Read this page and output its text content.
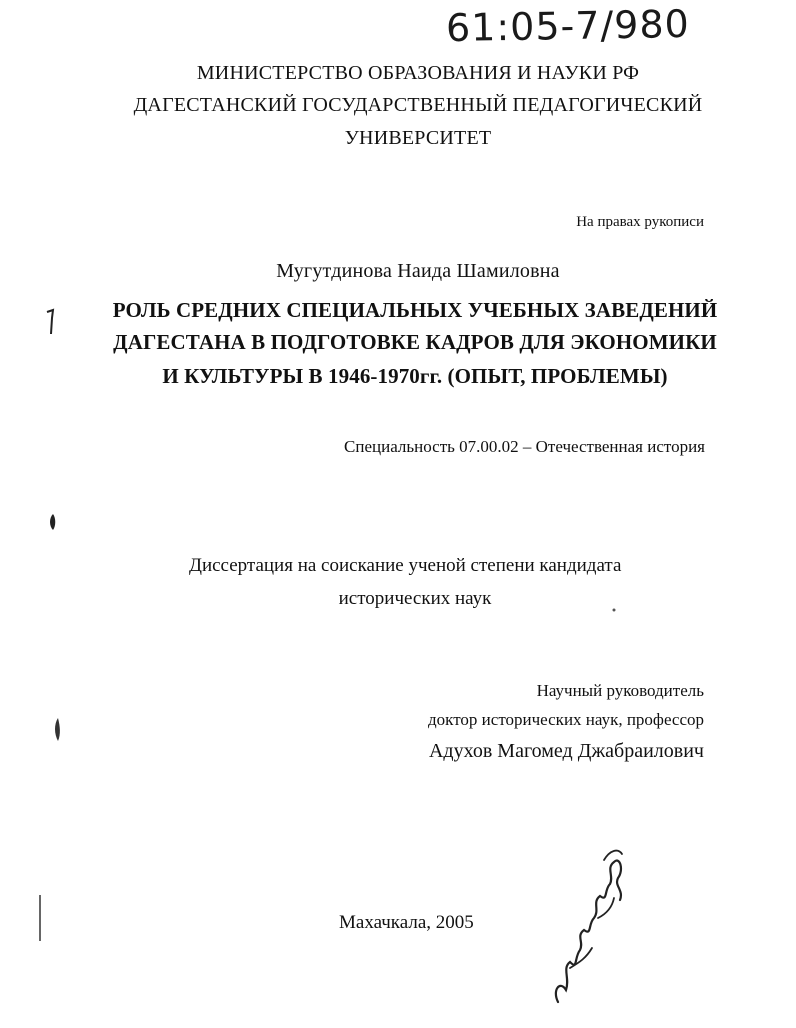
61:05-7/980
МИНИСТЕРСТВО ОБРАЗОВАНИЯ И НАУКИ РФ
ДАГЕСТАНСКИЙ ГОСУДАРСТВЕННЫЙ ПЕДАГОГИЧЕСКИЙ
УНИВЕРСИТЕТ
На правах рукописи
Мугутдинова Наида Шамиловна
РОЛЬ СРЕДНИХ СПЕЦИАЛЬНЫХ УЧЕБНЫХ ЗАВЕДЕНИЙ
ДАГЕСТАНА В ПОДГОТОВКЕ КАДРОВ ДЛЯ ЭКОНОМИКИ
И КУЛЬТУРЫ В 1946-1970гг. (ОПЫТ, ПРОБЛЕМЫ)
Специальность 07.00.02 – Отечественная история
Диссертация на соискание ученой степени кандидата
исторических наук
Научный руководитель
доктор исторических наук, профессор
Адухов Магомед Джабраилович
Махачкала, 2005
